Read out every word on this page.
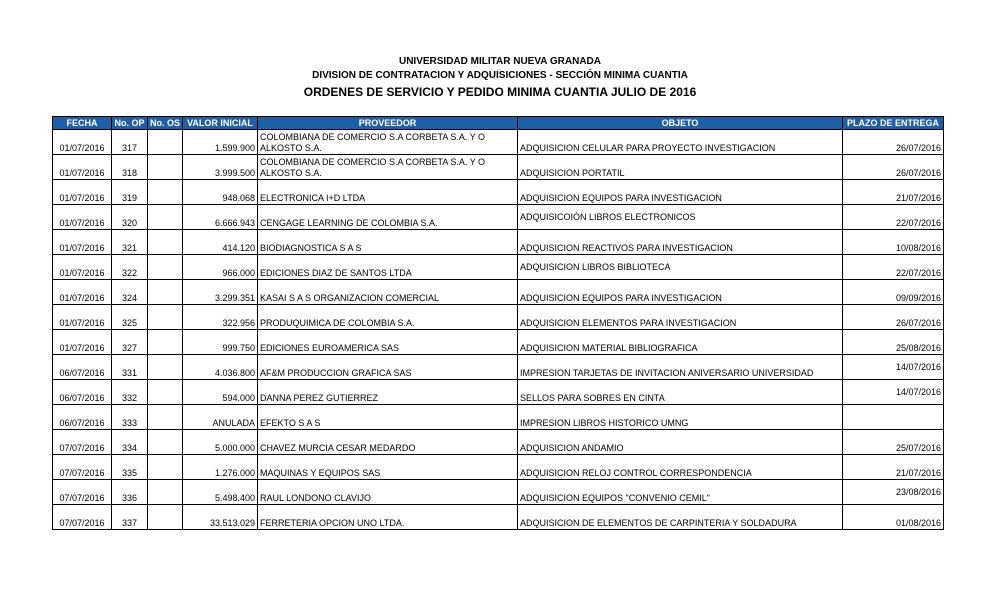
UNIVERSIDAD MILITAR NUEVA GRANADA
DIVISION DE CONTRATACION Y ADQUISICIONES - SECCIÓN MINIMA CUANTIA
ORDENES DE SERVICIO Y PEDIDO MINIMA CUANTIA JULIO DE 2016
FECHA	No. OP	No. OS	VALOR INICIAL	PROVEEDOR	OBJETO	PLAZO DE ENTREGA
01/07/2016	317		1.599.900	COLOMBIANA DE COMERCIO S.A CORBETA S.A. Y O ALKOSTO S.A.	ADQUISICION CELULAR PARA PROYECTO INVESTIGACION	26/07/2016
01/07/2016	318		3.999.500	COLOMBIANA DE COMERCIO S.A CORBETA S.A. Y O ALKOSTO S.A.	ADQUISICION PORTATIL	26/07/2016
01/07/2016	319		948.068	ELECTRONICA I+D LTDA	ADQUISICION EQUIPOS PARA INVESTIGACION	21/07/2016
01/07/2016	320		6.666.943	CENGAGE LEARNING DE COLOMBIA S.A.	ADQUISICOIÓN LIBROS ELECTRONICOS	22/07/2016
01/07/2016	321		414.120	BIODIAGNOSTICA S A S	ADQUISICION REACTIVOS PARA INVESTIGACION	10/08/2016
01/07/2016	322		966.000	EDICIONES DIAZ DE SANTOS LTDA	ADQUISICION LIBROS BIBLIOTECA	22/07/2016
01/07/2016	324		3.299.351	KASAI S A S ORGANIZACION COMERCIAL	ADQUISICION EQUIPOS PARA INVESTIGACION	09/09/2016
01/07/2016	325		322.956	PRODUQUIMICA DE COLOMBIA S.A.	ADQUISICION ELEMENTOS PARA INVESTIGACION	26/07/2016
01/07/2016	327		999.750	EDICIONES EUROAMERICA SAS	ADQUISICION MATERIAL BIBLIOGRAFICA	25/08/2016
06/07/2016	331		4.036.800	AF&M PRODUCCION GRAFICA SAS	IMPRESION TARJETAS DE INVITACION ANIVERSARIO UNIVERSIDAD	14/07/2016
06/07/2016	332		594.000	DANNA PEREZ GUTIERREZ	SELLOS PARA SOBRES EN CINTA	14/07/2016
06/07/2016	333		ANULADA	EFEKTO S A S	IMPRESION LIBROS HISTORICO UMNG	
07/07/2016	334		5.000.000	CHAVEZ MURCIA CESAR MEDARDO	ADQUISICION ANDAMIO	25/07/2016
07/07/2016	335		1.276.000	MAQUINAS Y EQUIPOS SAS	ADQUISICION RELOJ CONTROL CORRESPONDENCIA	21/07/2016
07/07/2016	336		5.498.400	RAUL LONDONO CLAVIJO	ADQUISICION EQUIPOS "CONVENIO CEMIL"	23/08/2016
07/07/2016	337		33.513.029	FERRETERIA OPCION UNO LTDA.	ADQUISICION DE ELEMENTOS DE CARPINTERIA Y SOLDADURA	01/08/2016
